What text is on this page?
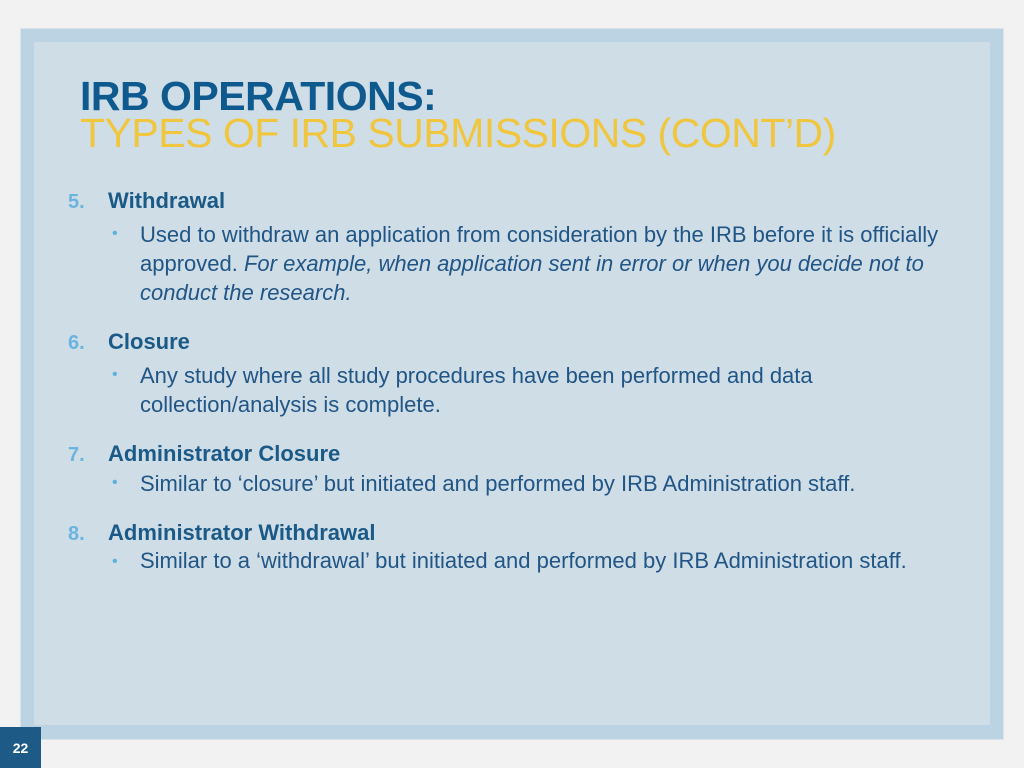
IRB OPERATIONS:
TYPES OF IRB SUBMISSIONS (CONT’D)
5.	Withdrawal
•	Used to withdraw an application from consideration by the IRB before it is officially approved. For example, when application sent in error or when you decide not to conduct the research.
6.	Closure
•	Any study where all study procedures have been performed and data collection/analysis is complete.
7.	Administrator Closure
•	Similar to ‘closure’ but initiated and performed by IRB Administration staff.
8.	Administrator Withdrawal
•	Similar to a ‘withdrawal’ but initiated and performed by IRB Administration staff.
22
